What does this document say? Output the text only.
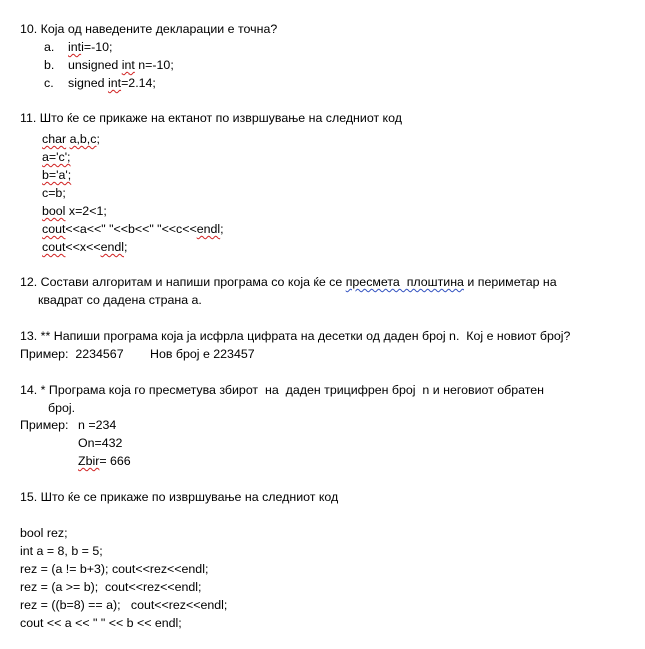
10. Која од наведените декларации е точна?
a. inti=-10;
b. unsigned int n=-10;
c. signed int=2.14;
11. Што ќе се прикаже на ектанот по извршување на следниот код
char a,b,c;
a='c';
b='a';
c=b;
bool x=2<1;
cout<<a<<" "<<b<<" "<<c<<endl;
cout<<x<<endl;
12. Состави алгоритам и напиши програма со која ќе се пресмета  плоштина и периметар на
квадрат со дадена страна а.
13. ** Напиши програма која ја исфрла цифрата на десетки од даден број n.  Кој е новиот број?
Пример:  2234567 Нов број е 223457
14. * Програма која го пресметува збирот  на  даден трицифрен број  n и неговиот обратен
број.
Пример: n =234
On=432
Zbir= 666
15. Што ќе се прикаже по извршување на следниот код
bool rez;
int a = 8, b = 5;
rez = (a != b+3); cout<<rez<<endl;
rez = (a >= b);  cout<<rez<<endl;
rez = ((b=8) == a);   cout<<rez<<endl;
cout << a << " " << b << endl;
